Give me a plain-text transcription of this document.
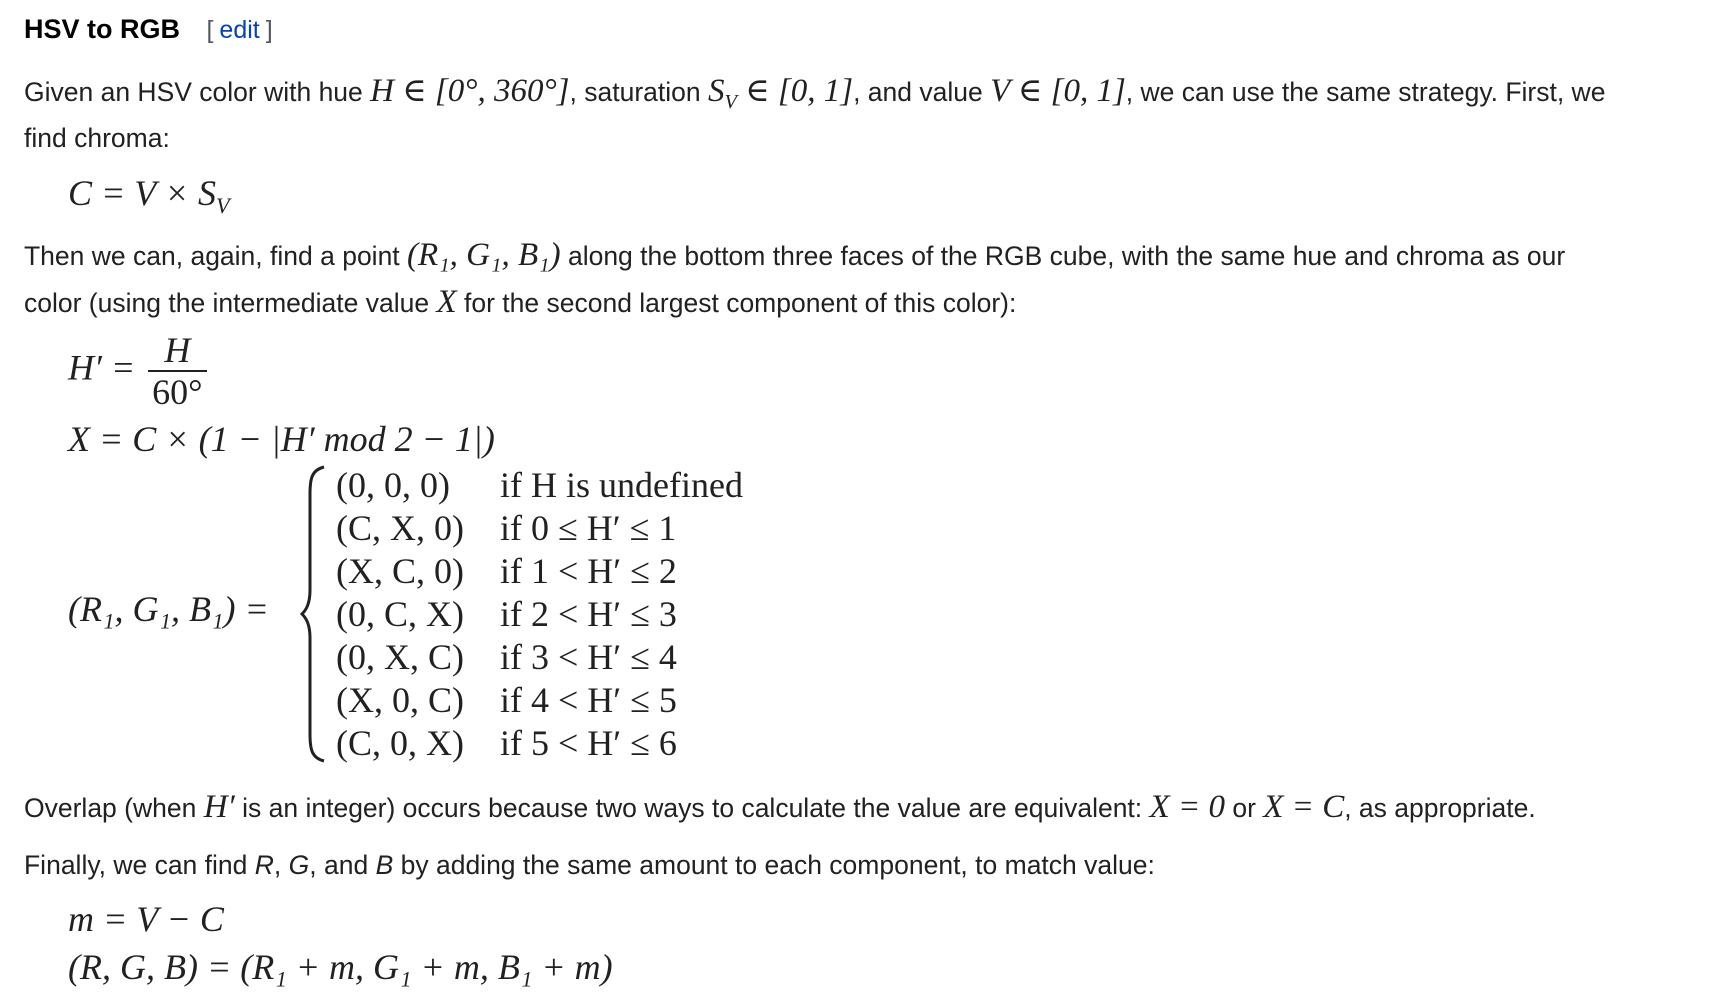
HSV to RGB [ edit ]
Given an HSV color with hue H ∈ [0°, 360°], saturation $S_V$ ∈ [0, 1], and value V ∈ [0, 1], we can use the same strategy. First, we
find chroma:
$C = V \times S_V$
Then we can, again, find a point (R₁, G₁, B₁) along the bottom three faces of the RGB cube, with the same hue and chroma as our
color (using the intermediate value X for the second largest component of this color):
$H' = \frac{H}{60^\circ}$
X = C × (1 − |H′ mod 2 − 1|)
(R₁, G₁, B₁) =
(0, 0, 0) if H is undefined
(C, X, 0) if 0 ≤ H′ ≤ 1
(X, C, 0) if 1 < H′ ≤ 2
(0, C, X) if 2 < H′ ≤ 3
(0, X, C) if 3 < H′ ≤ 4
(X, 0, C) if 4 < H′ ≤ 5
(C, 0, X) if 5 < H′ ≤ 6
Overlap (when H′ is an integer) occurs because two ways to calculate the value are equivalent: X = 0 or X = C, as appropriate.
Finally, we can find R, G, and B by adding the same amount to each component, to match value:
m = V − C
(R, G, B) = (R₁ + m, G₁ + m, B₁ + m)
